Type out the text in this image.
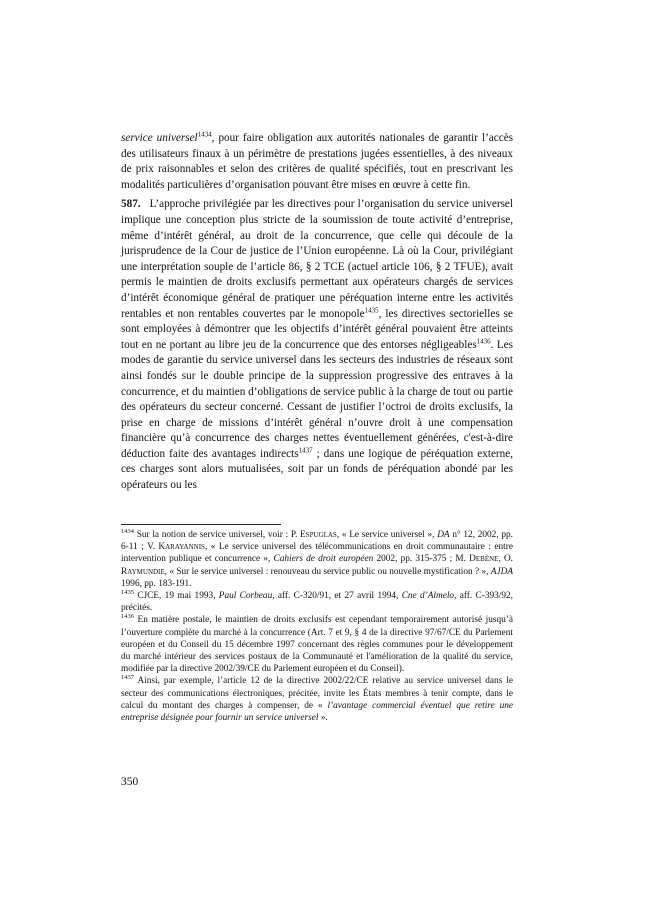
service universel$^{1434}$, pour faire obligation aux autorités nationales de garantir l’accès des utilisateurs finaux à un périmètre de prestations jugées essentielles, à des niveaux de prix raisonnables et selon des critères de qualité spécifiés, tout en prescrivant les modalités particulières d’organisation pouvant être mises en œuvre à cette fin.

587. L’approche privilégiée par les directives pour l’organisation du service universel implique une conception plus stricte de la soumission de toute activité d’entreprise, même d’intérêt général, au droit de la concurrence, que celle qui découle de la jurisprudence de la Cour de justice de l’Union européenne. Là où la Cour, privilégiant une interprétation souple de l’article 86, § 2 TCE (actuel article 106, § 2 TFUE), avait permis le maintien de droits exclusifs permettant aux opérateurs chargés de services d’intérêt économique général de pratiquer une péréquation interne entre les activités rentables et non rentables couvertes par le monopole$^{1435}$, les directives sectorielles se sont employées à démontrer que les objectifs d’intérêt général pouvaient être atteints tout en ne portant au libre jeu de la concurrence que des entorses négligeables$^{1436}$. Les modes de garantie du service universel dans les secteurs des industries de réseaux sont ainsi fondés sur le double principe de la suppression progressive des entraves à la concurrence, et du maintien d’obligations de service public à la charge de tout ou partie des opérateurs du secteur concerné. Cessant de justifier l’octroi de droits exclusifs, la prise en charge de missions d’intérêt général n’ouvre droit à une compensation financière qu’à concurrence des charges nettes éventuellement générées, c'est-à-dire déduction faite des avantages indirects$^{1437}$ ; dans une logique de péréquation externe, ces charges sont alors mutualisées, soit par un fonds de péréquation abondé par les opérateurs ou les

$^{1434}$ Sur la notion de service universel, voir : P. Espuglas, « Le service universel », DA n° 12, 2002, pp. 6-11 ; V. Karayannis, « Le service universel des télécommunications en droit communautaire : entre intervention publique et concurrence », Cahiers de droit européen 2002, pp. 315-375 ; M. Debène, O. Raymundie, « Sur le service universel : renouveau du service public ou nouvelle mystification ? », AJDA 1996, pp. 183-191.

$^{1435}$ CJCE, 19 mai 1993, Paul Corbeau, aff. C-320/91, et 27 avril 1994, Cne d’Almelo, aff. C-393/92, précités.

$^{1436}$ En matière postale, le maintien de droits exclusifs est cependant temporairement autorisé jusqu’à l’ouverture complète du marché à la concurrence (Art. 7 et 9, § 4 de la directive 97/67/CE du Parlement européen et du Conseil du 15 décembre 1997 concernant des règles communes pour le développement du marché intérieur des services postaux de la Communauté et l'amélioration de la qualité du service, modifiée par la directive 2002/39/CE du Parlement européen et du Conseil).

$^{1437}$ Ainsi, par exemple, l’article 12 de la directive 2002/22/CE relative au service universel dans le secteur des communications électroniques, précitée, invite les États membres à tenir compte, dans le calcul du montant des charges à compenser, de « l’avantage commercial éventuel que retire une entreprise désignée pour fournir un service universel ».

350
